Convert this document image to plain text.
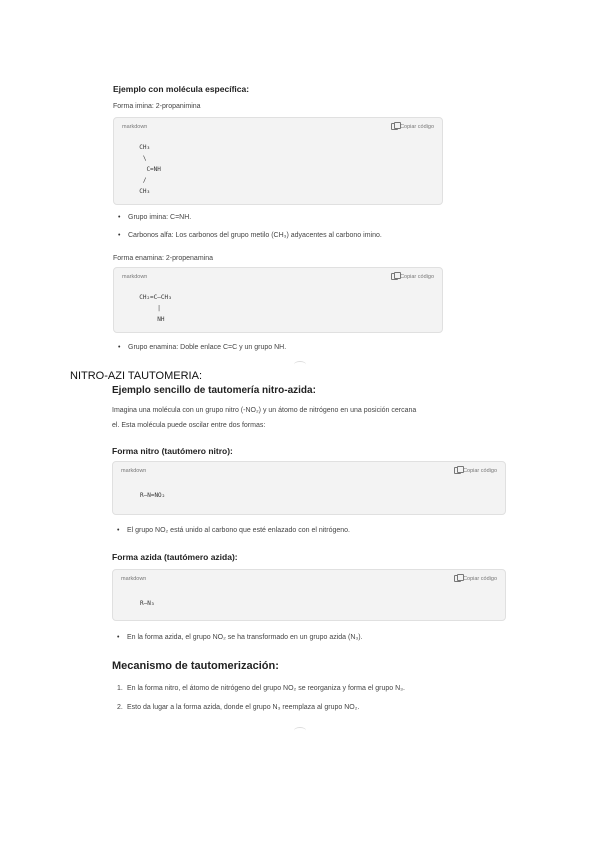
Ejemplo con molécula específica:
Forma imina: 2-propanimina
markdown	Copiar código
CH₃
\
C=NH
/
CH₃
• Grupo imina: C=NH.
• Carbonos alfa: Los carbonos del grupo metilo (CH₃) adyacentes al carbono imino.
Forma enamina: 2-propenamina
markdown	Copiar código
CH₂=C–CH₃
|
NH
• Grupo enamina: Doble enlace C=C y un grupo NH.
NITRO-AZI TAUTOMERIA:
Ejemplo sencillo de tautomería nitro-azida:
Imagina una molécula con un grupo nitro (-NO₂) y un átomo de nitrógeno en una posición cercana
el. Esta molécula puede oscilar entre dos formas:
Forma nitro (tautómero nitro):
markdown	Copiar código
R–N=NO₂
• El grupo NO₂ está unido al carbono que esté enlazado con el nitrógeno.
Forma azida (tautómero azida):
markdown	Copiar código
R–N₃
• En la forma azida, el grupo NO₂ se ha transformado en un grupo azida (N₃).
Mecanismo de tautomerización:
1. En la forma nitro, el átomo de nitrógeno del grupo NO₂ se reorganiza y forma el grupo N₃.
2. Esto da lugar a la forma azida, donde el grupo N₃ reemplaza al grupo NO₂.
